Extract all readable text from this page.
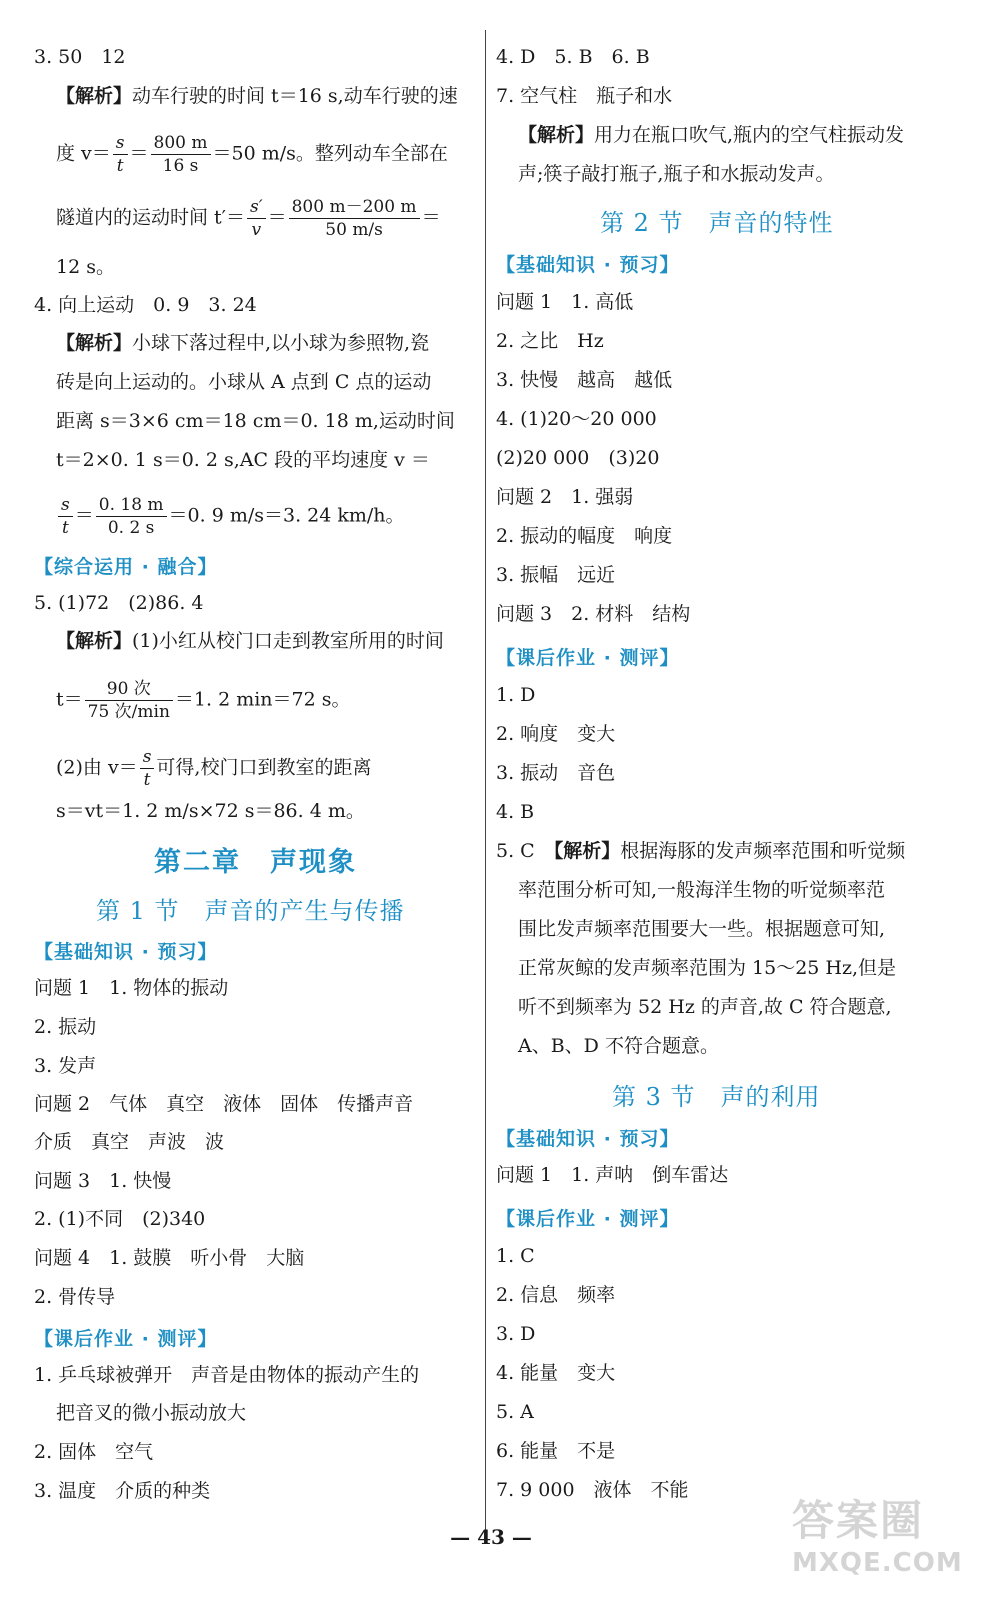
3. 50　12
【解析】动车行驶的时间 t＝16 s,动车行驶的速
度 $v= \frac{s}{t} = \frac{800 m}{16 s} =50$ m/s。整列动车全部在
隧道内的运动时间 $t'= \frac{s'}{v} = \frac{800 m-200 m}{50 m/s}$ ＝
12 s。
4. 向上运动　0. 9　3. 24
【解析】小球下落过程中,以小球为参照物,瓷
砖是向上运动的。小球从 A 点到 C 点的运动
距离 s＝3×6 cm＝18 cm＝0. 18 m,运动时间
t＝2×0. 1 s＝0. 2 s,AC 段的平均速度 v ＝
$\frac{s}{t} = \frac{0. 18 m}{0. 2 s} =0$. 9 m/s＝3. 24 km/h。
【综合运用 · 融合】
5. (1)72　(2)86. 4
【解析】(1)小红从校门口走到教室所用的时间
$t= \frac{\text{90 次}}{\text{75 次/min}} =1$. 2 min＝72 s。
(2)由 $v= \frac{s}{t}$ 可得,校门口到教室的距离
s＝vt＝1. 2 m/s×72 s＝86. 4 m。
第二章　声现象
第 1 节　声音的产生与传播
【基础知识 · 预习】
问题 1　1. 物体的振动
2. 振动
3. 发声
问题 2　气体　真空　液体　固体　传播声音
介质　真空　声波　波
问题 3　1. 快慢
2. (1)不同　(2)340
问题 4　1. 鼓膜　听小骨　大脑
2. 骨传导
【课后作业 · 测评】
1. 乒乓球被弹开　声音是由物体的振动产生的
把音叉的微小振动放大
2. 固体　空气
3. 温度　介质的种类
4. D　5. B　6. B
7. 空气柱　瓶子和水
【解析】用力在瓶口吹气,瓶内的空气柱振动发
声;筷子敲打瓶子,瓶子和水振动发声。
第 2 节　声音的特性
【基础知识 · 预习】
问题 1　1. 高低
2. 之比　Hz
3. 快慢　越高　越低
4. (1)20～20 000
(2)20 000　(3)20
问题 2　1. 强弱
2. 振动的幅度　响度
3. 振幅　远近
问题 3　2. 材料　结构
【课后作业 · 测评】
1. D
2. 响度　变大
3. 振动　音色
4. B
5. C　【解析】根据海豚的发声频率范围和听觉频
率范围分析可知,一般海洋生物的听觉频率范
围比发声频率范围要大一些。根据题意可知,
正常灰鲸的发声频率范围为 15～25 Hz,但是
听不到频率为 52 Hz 的声音,故 C 符合题意,
A、B、D 不符合题意。
第 3 节　声的利用
【基础知识 · 预习】
问题 1　1. 声呐　倒车雷达
【课后作业 · 测评】
1. C
2. 信息　频率
3. D
4. 能量　变大
5. A
6. 能量　不是
7. 9 000　液体　不能
— 43 —	答案圈
MXQE.COM
